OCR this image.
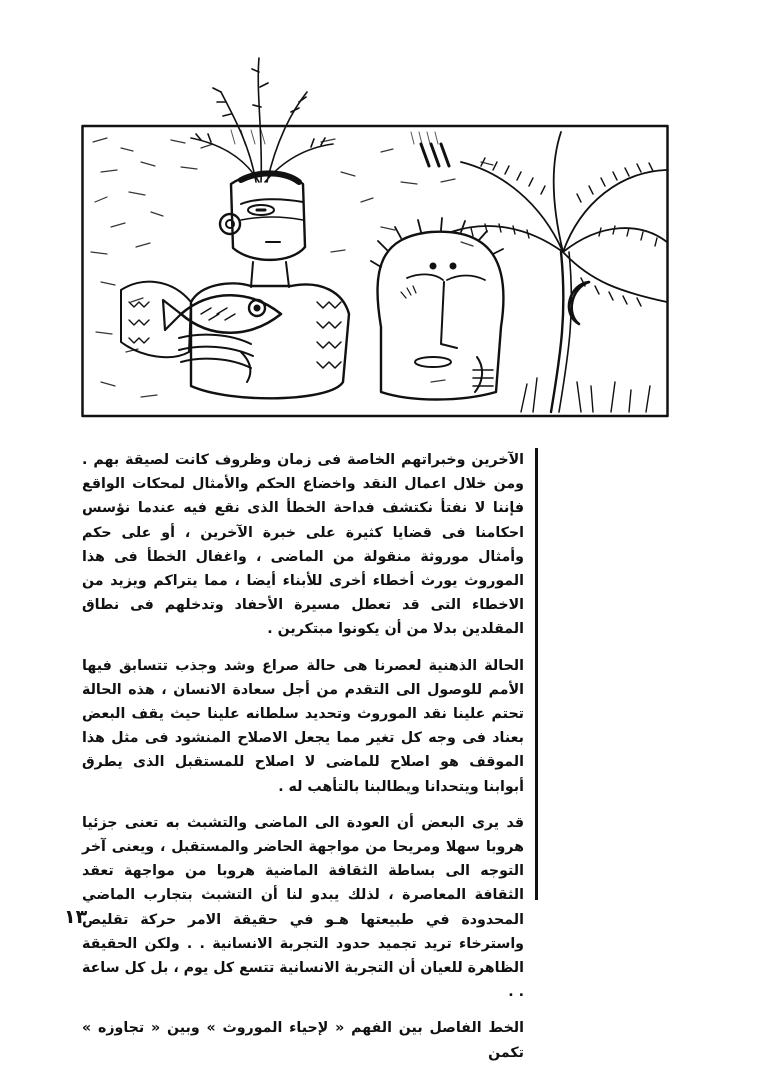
الآخرين وخبراتهم الخاصة فى زمان وظروف كانت لصيقة بهم . ومن خلال اعمال النقد واخضاع الحكم والأمثال لمحكات الواقع فإننا لا نفتأ نكتشف فداحة الخطأ الذى نقع فيه عندما نؤسس احكامنا فى قضايا كثيرة على خبرة الآخرين ، أو على حكم وأمثال موروثة منقولة من الماضى ، واغفال الخطأ فى هذا الموروث يورث أخطاء أخرى للأبناء أيضا ، مما يتراكم ويزيد من الاخطاء التى قد تعطل مسيرة الأحفاد وتدخلهم فى نطاق المقلدين بدلا من أن يكونوا مبتكرين .

الحالة الذهنية لعصرنا هى حالة صراع وشد وجذب تتسابق فيها الأمم للوصول الى التقدم من أجل سعادة الانسان ، هذه الحالة تحتم علينا نقد الموروث وتحديد سلطانه علينا حيث يقف البعض بعناد فى وجه كل تغير مما يجعل الاصلاح المنشود فى مثل هذا الموقف هو اصلاح للماضى لا اصلاح للمستقبل الذى يطرق أبوابنا ويتحدانا ويطالبنا بالتأهب له .

قد يرى البعض أن العودة الى الماضى والتشبث به تعنى جزئيا هروبا سهلا ومريحا من مواجهة الحاضر والمستقبل ، ويعنى آخر التوجه الى بساطة الثقافة الماضية هروبا من مواجهة تعقد الثقافة المعاصرة ، لذلك يبدو لنا أن التشبث بتجارب الماضي المحدودة في طبيعتها هـو في حقيقة الامر حركة تقليص واسترخاء تريد تجميد حدود التجربة الانسانية . . ولكن الحقيقة الظاهرة للعيان أن التجربة الانسانية تتسع كل يوم ، بل كل ساعة . .

الخط الفاصل بين الفهم « لإحياء الموروث » وبين « تجاوزه » تكمن

١٣
